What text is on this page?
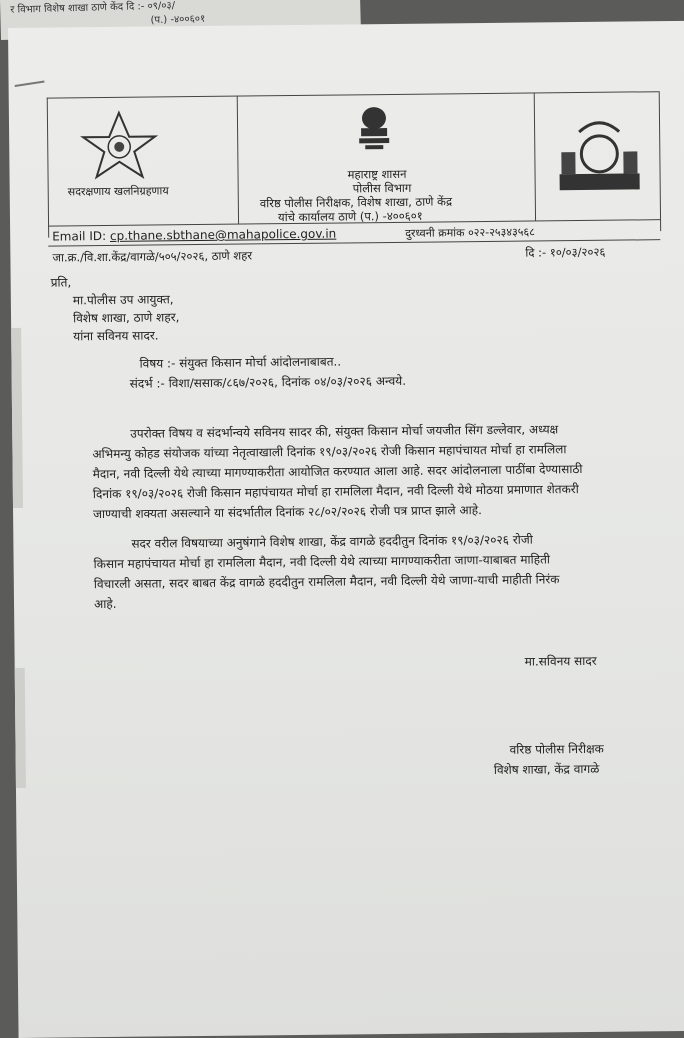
र विभाग विशेष शाखा ठाणे केंद दि :- ०९/०३/
(प.) -४००६०१
सदरक्षणाय खलनिग्रहणाय
महाराष्ट्र शासन
पोलीस विभाग
वरिष्ठ पोलीस निरीक्षक, विशेष शाखा, ठाणे केंद्र
यांचे कार्यालय ठाणे (प.) -४००६०१
Email ID: cp.thane.sbthane@mahapolice.gov.in	दुरध्वनी क्रमांक ०२२-२५३४३५६८
जा.क्र./वि.शा.केंद्र/वागळे/५०५/२०२६, ठाणे शहर	दि :- १०/०३/२०२६
प्रति,
मा.पोलीस उप आयुक्त,
विशेष शाखा, ठाणे शहर,
यांना सविनय सादर.
विषय :- संयुक्त किसान मोर्चा आंदोलनाबाबत..
संदर्भ :- विशा/ससाक/८६७/२०२६, दिनांक ०४/०३/२०२६ अन्वये.
उपरोक्त विषय व संदर्भान्वये सविनय सादर की, संयुक्त किसान मोर्चा जयजीत सिंग डल्लेवार, अध्यक्ष
अभिमन्यु कोहड संयोजक यांच्या नेतृत्वाखाली दिनांक १९/०३/२०२६ रोजी किसान महापंचायत मोर्चा हा रामलिला
मैदान, नवी दिल्ली येथे त्याच्या मागण्याकरीता आयोजित करण्यात आला आहे. सदर आंदोलनाला पाठींबा देण्यासाठी
दिनांक १९/०३/२०२६ रोजी किसान महापंचायत मोर्चा हा रामलिला मैदान, नवी दिल्ली येथे मोठया प्रमाणात शेतकरी
जाण्याची शक्यता असल्याने या संदर्भातील दिनांक २८/०२/२०२६ रोजी पत्र प्राप्त झाले आहे.
सदर वरील विषयाच्या अनुषंगाने विशेष शाखा, केंद्र वागळे हददीतुन दिनांक १९/०३/२०२६ रोजी
किसान महापंचायत मोर्चा हा रामलिला मैदान, नवी दिल्ली येथे त्याच्या मागण्याकरीता जाणा-याबाबत माहिती
विचारली असता, सदर बाबत केंद्र वागळे हददीतुन रामलिला मैदान, नवी दिल्ली येथे जाणा-याची माहीती निरंक
आहे.
मा.सविनय सादर
वरिष्ठ पोलीस निरीक्षक
विशेष शाखा, केंद्र वागळे
